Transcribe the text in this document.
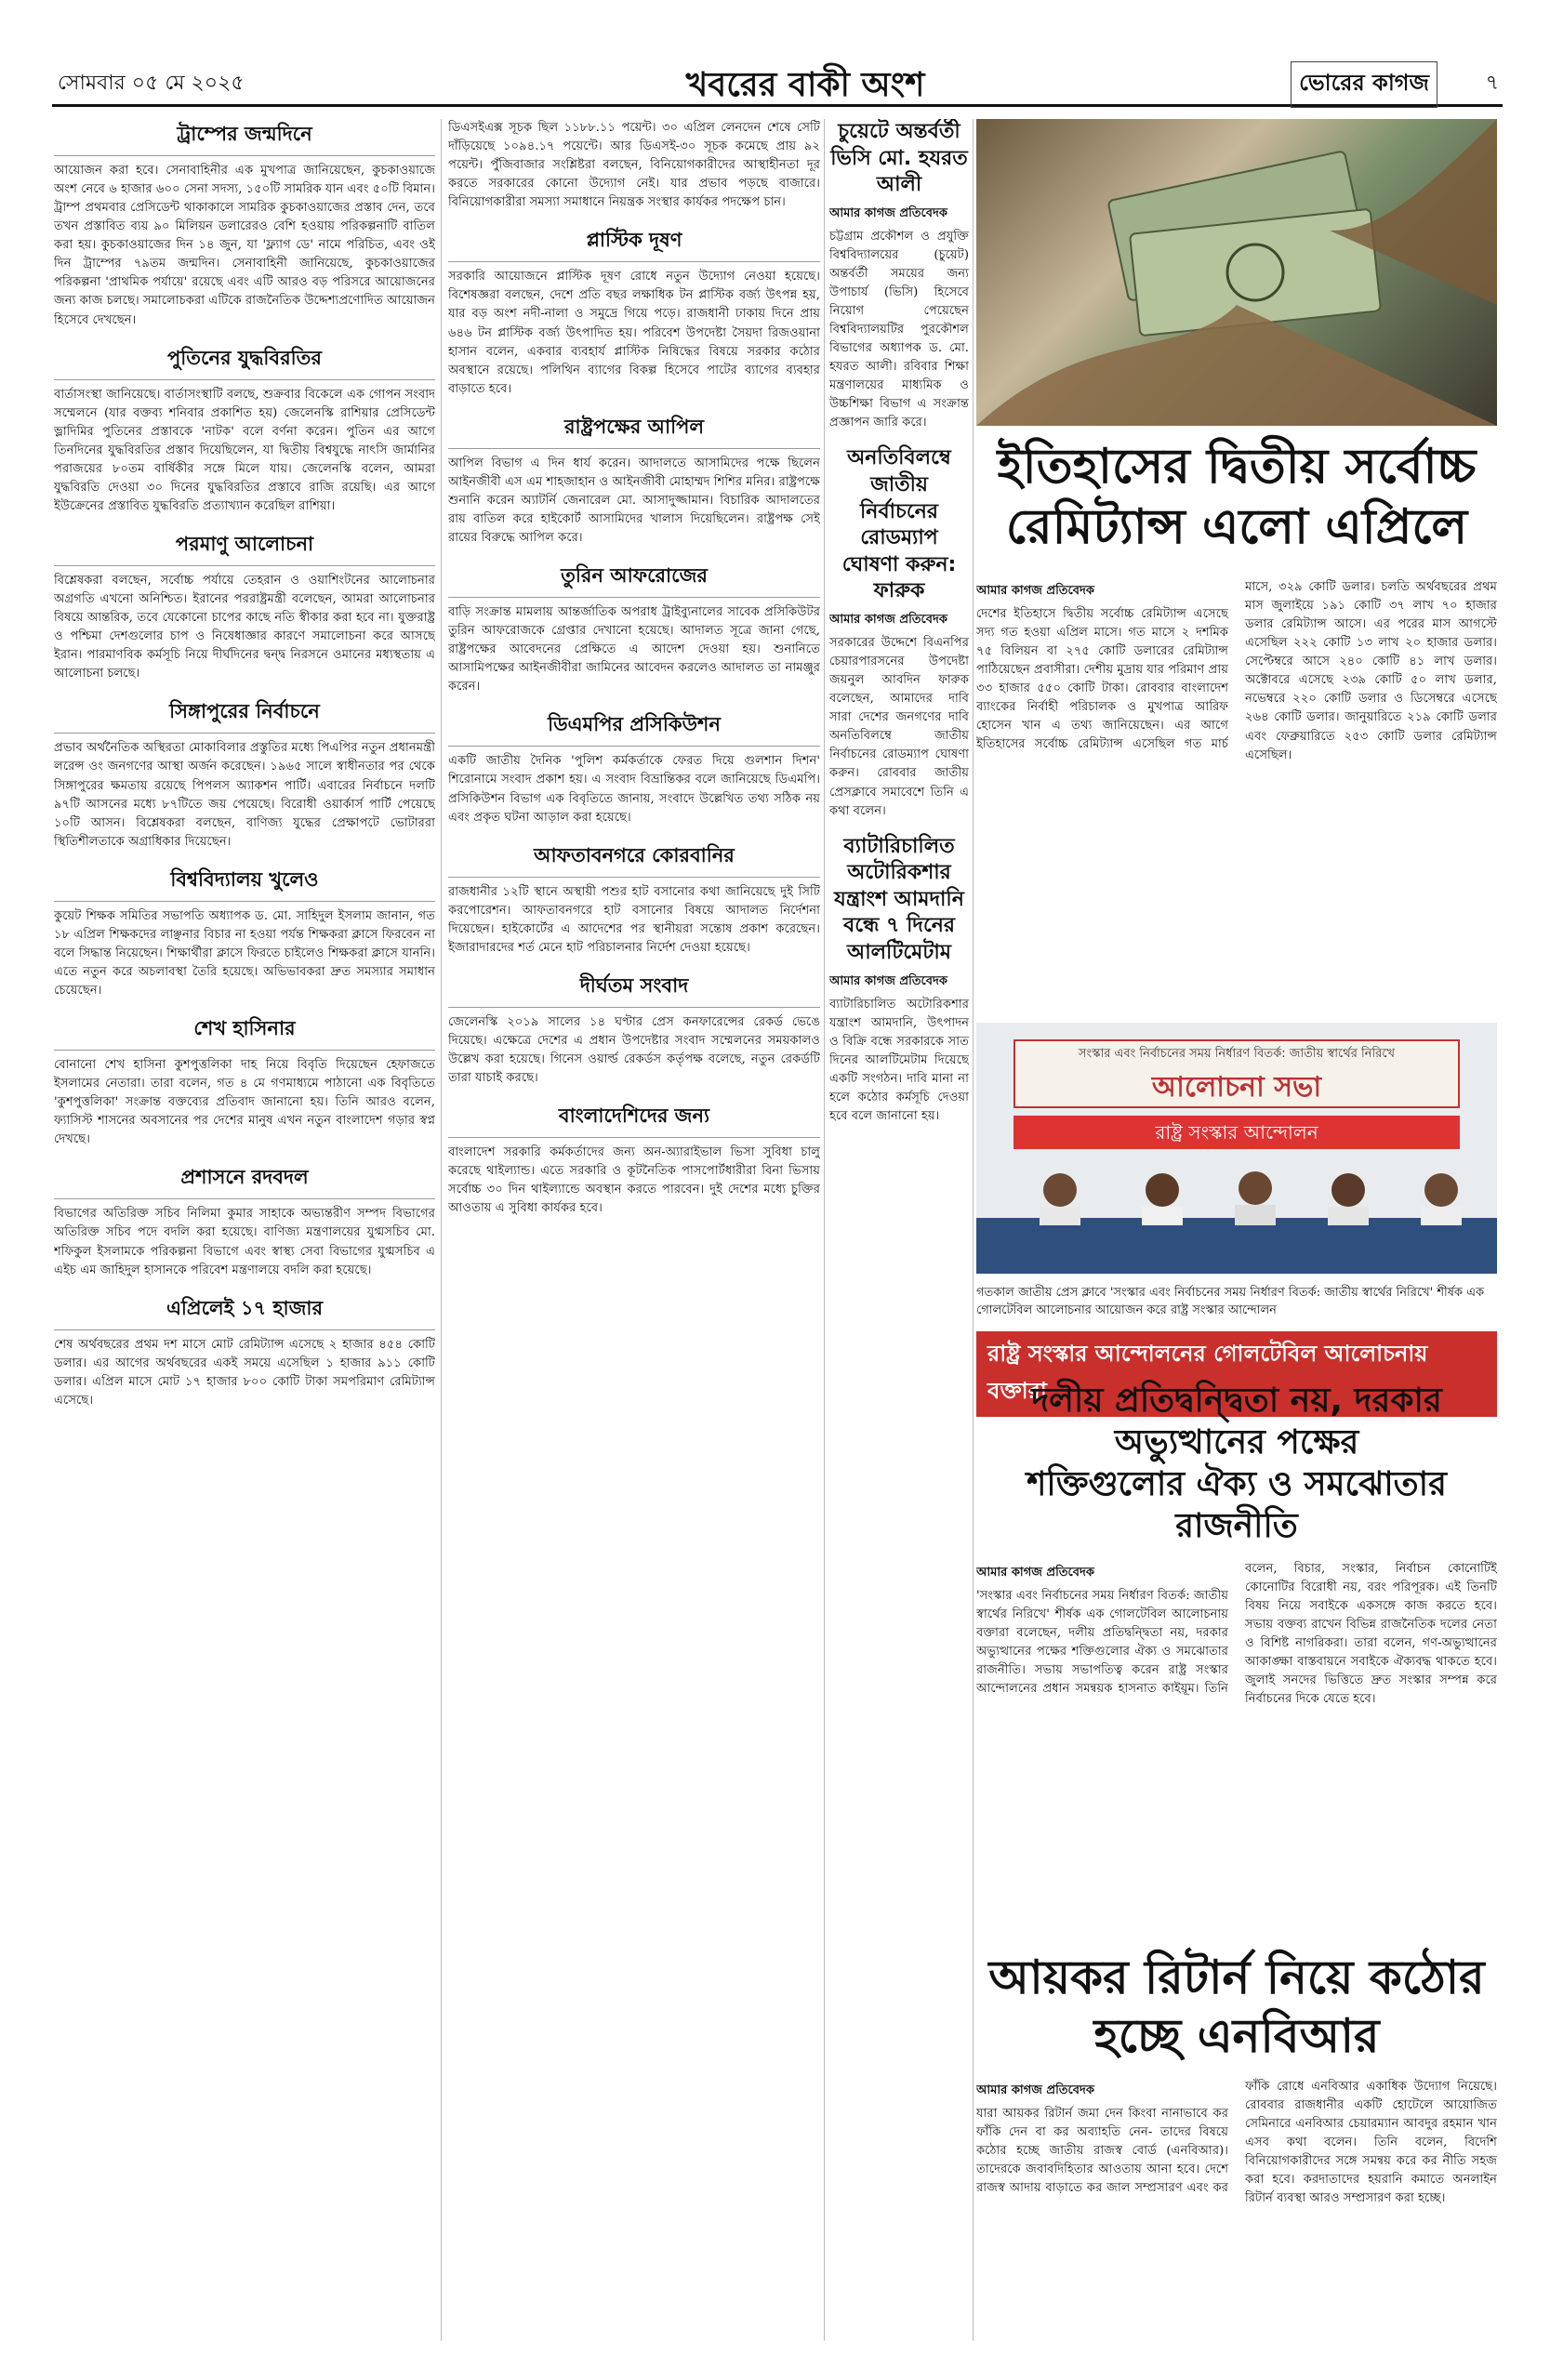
সোমবার ০৫ মে ২০২৫	খবরের বাকী অংশ	ভোরের কাগজ	৭
ট্রাম্পের জন্মদিনে

আয়োজন করা হবে। সেনাবাহিনীর এক মুখপাত্র জানিয়েছেন, কুচকাওয়াজে অংশ নেবে ৬ হাজার ৬০০ সেনা সদস্য, ১৫০টি সামরিক যান এবং ৫০টি বিমান। ট্রাম্প প্রথমবার প্রেসিডেন্ট থাকাকালে সামরিক কুচকাওয়াজের প্রস্তাব দেন, তবে তখন প্রস্তাবিত ব্যয় ৯০ মিলিয়ন ডলারেরও বেশি হওয়ায় পরিকল্পনাটি বাতিল করা হয়। কুচকাওয়াজের দিন ১৪ জুন, যা 'ফ্ল্যাগ ডে' নামে পরিচিত, এবং ওই দিন ট্রাম্পের ৭৯তম জন্মদিন। সেনাবাহিনী জানিয়েছে, কুচকাওয়াজের পরিকল্পনা 'প্রাথমিক পর্যায়ে' রয়েছে এবং এটি আরও বড় পরিসরে আয়োজনের জন্য কাজ চলছে। সমালোচকরা এটিকে রাজনৈতিক উদ্দেশ্যপ্রণোদিত আয়োজন হিসেবে দেখছেন।

পুতিনের যুদ্ধবিরতির

বার্তাসংস্থা জানিয়েছে। বার্তাসংস্থাটি বলছে, শুক্রবার বিকেলে এক গোপন সংবাদ সম্মেলনে (যার বক্তব্য শনিবার প্রকাশিত হয়) জেলেনস্কি রাশিয়ার প্রেসিডেন্ট ভ্লাদিমির পুতিনের প্রস্তাবকে 'নাটক' বলে বর্ণনা করেন। পুতিন এর আগে তিনদিনের যুদ্ধবিরতির প্রস্তাব দিয়েছিলেন, যা দ্বিতীয় বিশ্বযুদ্ধে নাৎসি জার্মানির পরাজয়ের ৮০তম বার্ষিকীর সঙ্গে মিলে যায়। জেলেনস্কি বলেন, আমরা যুদ্ধবিরতি দেওয়া ৩০ দিনের যুদ্ধবিরতির প্রস্তাবে রাজি রয়েছি। এর আগে ইউক্রেনের প্রস্তাবিত যুদ্ধবিরতি প্রত্যাখ্যান করেছিল রাশিয়া।

পরমাণু আলোচনা

বিশ্লেষকরা বলছেন, সর্বোচ্চ পর্যায়ে তেহরান ও ওয়াশিংটনের আলোচনার অগ্রগতি এখনো অনিশ্চিত। ইরানের পররাষ্ট্রমন্ত্রী বলেছেন, আমরা আলোচনার বিষয়ে আন্তরিক, তবে যেকোনো চাপের কাছে নতি স্বীকার করা হবে না। যুক্তরাষ্ট্র ও পশ্চিমা দেশগুলোর চাপ ও নিষেধাজ্ঞার কারণে সমালোচনা করে আসছে ইরান। পারমাণবিক কর্মসূচি নিয়ে দীর্ঘদিনের দ্বন্দ্ব নিরসনে ওমানের মধ্যস্থতায় এ আলোচনা চলছে।

সিঙ্গাপুরের নির্বাচনে

প্রভাব অর্থনৈতিক অস্থিরতা মোকাবিলার প্রস্তুতির মধ্যে পিএপির নতুন প্রধানমন্ত্রী লরেন্স ওং জনগণের আস্থা অর্জন করেছেন। ১৯৬৫ সালে স্বাধীনতার পর থেকে সিঙ্গাপুরের ক্ষমতায় রয়েছে পিপলস অ্যাকশন পার্টি। এবারের নির্বাচনে দলটি ৯৭টি আসনের মধ্যে ৮৭টিতে জয় পেয়েছে। বিরোধী ওয়ার্কার্স পার্টি পেয়েছে ১০টি আসন। বিশ্লেষকরা বলছেন, বাণিজ্য যুদ্ধের প্রেক্ষাপটে ভোটাররা স্থিতিশীলতাকে অগ্রাধিকার দিয়েছেন।

বিশ্ববিদ্যালয় খুলেও

কুয়েট শিক্ষক সমিতির সভাপতি অধ্যাপক ড. মো. সাহিদুল ইসলাম জানান, গত ১৮ এপ্রিল শিক্ষকদের লাঞ্ছনার বিচার না হওয়া পর্যন্ত শিক্ষকরা ক্লাসে ফিরবেন না বলে সিদ্ধান্ত নিয়েছেন। শিক্ষার্থীরা ক্লাসে ফিরতে চাইলেও শিক্ষকরা ক্লাসে যাননি। এতে নতুন করে অচলাবস্থা তৈরি হয়েছে। অভিভাবকরা দ্রুত সমস্যার সমাধান চেয়েছেন।

শেখ হাসিনার

বোনানো শেখ হাসিনা কুশপুত্তলিকা দাহ নিয়ে বিবৃতি দিয়েছেন হেফাজতে ইসলামের নেতারা। তারা বলেন, গত ৪ মে গণমাধ্যমে পাঠানো এক বিবৃতিতে 'কুশপুত্তলিকা' সংক্রান্ত বক্তব্যের প্রতিবাদ জানানো হয়। তিনি আরও বলেন, ফ্যাসিস্ট শাসনের অবসানের পর দেশের মানুষ এখন নতুন বাংলাদেশ গড়ার স্বপ্ন দেখছে।

প্রশাসনে রদবদল

বিভাগের অতিরিক্ত সচিব নিলিমা কুমার সাহাকে অভ্যন্তরীণ সম্পদ বিভাগের অতিরিক্ত সচিব পদে বদলি করা হয়েছে। বাণিজ্য মন্ত্রণালয়ের যুগ্মসচিব মো. শফিকুল ইসলামকে পরিকল্পনা বিভাগে এবং স্বাস্থ্য সেবা বিভাগের যুগ্মসচিব এ এইচ এম জাহিদুল হাসানকে পরিবেশ মন্ত্রণালয়ে বদলি করা হয়েছে।

এপ্রিলেই ১৭ হাজার

শেষ অর্থবছরের প্রথম দশ মাসে মোট রেমিট্যান্স এসেছে ২ হাজার ৪৫৪ কোটি ডলার। এর আগের অর্থবছরের একই সময়ে এসেছিল ১ হাজার ৯১১ কোটি ডলার। এপ্রিল মাসে মোট ১৭ হাজার ৮০০ কোটি টাকা সমপরিমাণ রেমিট্যান্স এসেছে।

ডিএসইএক্স সূচক ছিল ১১৮৮.১১ পয়েন্ট। ৩০ এপ্রিল লেনদেন শেষে সেটি দাঁড়িয়েছে ১০৯৪.১৭ পয়েন্টে। আর ডিএসই-৩০ সূচক কমেছে প্রায় ৯২ পয়েন্ট। পুঁজিবাজার সংশ্লিষ্টরা বলছেন, বিনিয়োগকারীদের আস্থাহীনতা দূর করতে সরকারের কোনো উদ্যোগ নেই। যার প্রভাব পড়ছে বাজারে। বিনিয়োগকারীরা সমস্যা সমাধানে নিয়ন্ত্রক সংস্থার কার্যকর পদক্ষেপ চান।

প্লাস্টিক দূষণ

সরকারি আয়োজনে প্লাস্টিক দূষণ রোধে নতুন উদ্যোগ নেওয়া হয়েছে। বিশেষজ্ঞরা বলছেন, দেশে প্রতি বছর লক্ষাধিক টন প্লাস্টিক বর্জ্য উৎপন্ন হয়, যার বড় অংশ নদী-নালা ও সমুদ্রে গিয়ে পড়ে। রাজধানী ঢাকায় দিনে প্রায় ৬৪৬ টন প্লাস্টিক বর্জ্য উৎপাদিত হয়। পরিবেশ উপদেষ্টা সৈয়দা রিজওয়ানা হাসান বলেন, একবার ব্যবহার্য প্লাস্টিক নিষিদ্ধের বিষয়ে সরকার কঠোর অবস্থানে রয়েছে। পলিথিন ব্যাগের বিকল্প হিসেবে পাটের ব্যাগের ব্যবহার বাড়াতে হবে।

রাষ্ট্রপক্ষের আপিল

আপিল বিভাগ এ দিন ধার্য করেন। আদালতে আসামিদের পক্ষে ছিলেন আইনজীবী এস এম শাহজাহান ও আইনজীবী মোহাম্মদ শিশির মনির। রাষ্ট্রপক্ষে শুনানি করেন অ্যাটর্নি জেনারেল মো. আসাদুজ্জামান। বিচারিক আদালতের রায় বাতিল করে হাইকোর্ট আসামিদের খালাস দিয়েছিলেন। রাষ্ট্রপক্ষ সেই রায়ের বিরুদ্ধে আপিল করে।

তুরিন আফরোজের

বাড়ি সংক্রান্ত মামলায় আন্তর্জাতিক অপরাধ ট্রাইব্যুনালের সাবেক প্রসিকিউটর তুরিন আফরোজকে গ্রেপ্তার দেখানো হয়েছে। আদালত সূত্রে জানা গেছে, রাষ্ট্রপক্ষের আবেদনের প্রেক্ষিতে এ আদেশ দেওয়া হয়। শুনানিতে আসামিপক্ষের আইনজীবীরা জামিনের আবেদন করলেও আদালত তা নামঞ্জুর করেন।

ডিএমপির প্রসিকিউশন

একটি জাতীয় দৈনিক 'পুলিশ কর্মকর্তাকে ফেরত দিয়ে গুলশান দিশন' শিরোনামে সংবাদ প্রকাশ হয়। এ সংবাদ বিভ্রান্তিকর বলে জানিয়েছে ডিএমপি। প্রসিকিউশন বিভাগ এক বিবৃতিতে জানায়, সংবাদে উল্লেখিত তথ্য সঠিক নয় এবং প্রকৃত ঘটনা আড়াল করা হয়েছে।

আফতাবনগরে কোরবানির

রাজধানীর ১২টি স্থানে অস্থায়ী পশুর হাট বসানোর কথা জানিয়েছে দুই সিটি করপোরেশন। আফতাবনগরে হাট বসানোর বিষয়ে আদালত নির্দেশনা দিয়েছেন। হাইকোর্টের এ আদেশের পর স্থানীয়রা সন্তোষ প্রকাশ করেছেন। ইজারাদারদের শর্ত মেনে হাট পরিচালনার নির্দেশ দেওয়া হয়েছে।

দীর্ঘতম সংবাদ

জেলেনস্কি ২০১৯ সালের ১৪ ঘণ্টার প্রেস কনফারেন্সের রেকর্ড ভেঙে দিয়েছে। এক্ষেত্রে দেশের এ প্রধান উপদেষ্টার সংবাদ সম্মেলনের সময়কালও উল্লেখ করা হয়েছে। গিনেস ওয়ার্ল্ড রেকর্ডস কর্তৃপক্ষ বলেছে, নতুন রেকর্ডটি তারা যাচাই করছে।

বাংলাদেশিদের জন্য

বাংলাদেশ সরকারি কর্মকর্তাদের জন্য অন-অ্যারাইভাল ভিসা সুবিধা চালু করেছে থাইল্যান্ড। এতে সরকারি ও কূটনৈতিক পাসপোর্টধারীরা বিনা ভিসায় সর্বোচ্চ ৩০ দিন থাইল্যান্ডে অবস্থান করতে পারবেন। দুই দেশের মধ্যে চুক্তির আওতায় এ সুবিধা কার্যকর হবে।

চুয়েটে অন্তর্বর্তী ভিসি মো. হযরত আলী

আমার কাগজ প্রতিবেদক

চট্টগ্রাম প্রকৌশল ও প্রযুক্তি বিশ্ববিদ্যালয়ের (চুয়েট) অন্তর্বর্তী সময়ের জন্য উপাচার্য (ভিসি) হিসেবে নিয়োগ পেয়েছেন বিশ্ববিদ্যালয়টির পুরকৌশল বিভাগের অধ্যাপক ড. মো. হযরত আলী। রবিবার শিক্ষা মন্ত্রণালয়ের মাধ্যমিক ও উচ্চশিক্ষা বিভাগ এ সংক্রান্ত প্রজ্ঞাপন জারি করে।

অনতিবিলম্বে জাতীয় নির্বাচনের রোডম্যাপ ঘোষণা করুন: ফারুক

আমার কাগজ প্রতিবেদক

সরকারের উদ্দেশে বিএনপির চেয়ারপারসনের উপদেষ্টা জয়নুল আবদিন ফারুক বলেছেন, আমাদের দাবি সারা দেশের জনগণের দাবি অনতিবিলম্বে জাতীয় নির্বাচনের রোডম্যাপ ঘোষণা করুন। রোববার জাতীয় প্রেসক্লাবে সমাবেশে তিনি এ কথা বলেন।

ব্যাটারিচালিত অটোরিকশার যন্ত্রাংশ আমদানি বন্ধে ৭ দিনের আলটিমেটাম

আমার কাগজ প্রতিবেদক

ব্যাটারিচালিত অটোরিকশার যন্ত্রাংশ আমদানি, উৎপাদন ও বিক্রি বন্ধে সরকারকে সাত দিনের আলটিমেটাম দিয়েছে একটি সংগঠন। দাবি মানা না হলে কঠোর কর্মসূচি দেওয়া হবে বলে জানানো হয়।

ইতিহাসের দ্বিতীয় সর্বোচ্চ

রেমিট্যান্স এলো এপ্রিলে

আমার কাগজ প্রতিবেদক

দেশের ইতিহাসে দ্বিতীয় সর্বোচ্চ রেমিট্যান্স এসেছে সদ্য গত হওয়া এপ্রিল মাসে। গত মাসে ২ দশমিক ৭৫ বিলিয়ন বা ২৭৫ কোটি ডলারের রেমিট্যান্স পাঠিয়েছেন প্রবাসীরা। দেশীয় মুদ্রায় যার পরিমাণ প্রায় ৩৩ হাজার ৫৫০ কোটি টাকা। রোববার বাংলাদেশ ব্যাংকের নির্বাহী পরিচালক ও মুখপাত্র আরিফ হোসেন খান এ তথ্য জানিয়েছেন। এর আগে ইতিহাসের সর্বোচ্চ রেমিট্যান্স এসেছিল গত মার্চ মাসে, ৩২৯ কোটি ডলার। চলতি অর্থবছরের প্রথম মাস জুলাইয়ে ১৯১ কোটি ৩৭ লাখ ৭০ হাজার ডলার রেমিট্যান্স আসে। এর পরের মাস আগস্টে এসেছিল ২২২ কোটি ১৩ লাখ ২০ হাজার ডলার। সেপ্টেম্বরে আসে ২৪০ কোটি ৪১ লাখ ডলার। অক্টোবরে এসেছে ২৩৯ কোটি ৫০ লাখ ডলার, নভেম্বরে ২২০ কোটি ডলার ও ডিসেম্বরে এসেছে ২৬৪ কোটি ডলার। জানুয়ারিতে ২১৯ কোটি ডলার এবং ফেব্রুয়ারিতে ২৫৩ কোটি ডলার রেমিট্যান্স এসেছিল।

সংস্কার এবং নির্বাচনের সময় নির্ধারণ বিতর্ক: জাতীয় স্বার্থের নিরিখে
আলোচনা সভা
রাষ্ট্র সংস্কার আন্দোলন

গতকাল জাতীয় প্রেস ক্লাবে 'সংস্কার এবং নির্বাচনের সময় নির্ধারণ বিতর্ক: জাতীয় স্বার্থের নিরিখে' শীর্ষক এক গোলটেবিল আলোচনার আয়োজন করে রাষ্ট্র সংস্কার আন্দোলন

রাষ্ট্র সংস্কার আন্দোলনের গোলটেবিল আলোচনায় বক্তারা

দলীয় প্রতিদ্বন্দ্বিতা নয়, দরকার অভ্যুত্থানের পক্ষের

শক্তিগুলোর ঐক্য ও সমঝোতার রাজনীতি

আমার কাগজ প্রতিবেদক

'সংস্কার এবং নির্বাচনের সময় নির্ধারণ বিতর্ক: জাতীয় স্বার্থের নিরিখে' শীর্ষক এক গোলটেবিল আলোচনায় বক্তারা বলেছেন, দলীয় প্রতিদ্বন্দ্বিতা নয়, দরকার অভ্যুত্থানের পক্ষের শক্তিগুলোর ঐক্য ও সমঝোতার রাজনীতি। সভায় সভাপতিত্ব করেন রাষ্ট্র সংস্কার আন্দোলনের প্রধান সমন্বয়ক হাসনাত কাইয়ূম। তিনি বলেন, বিচার, সংস্কার, নির্বাচন কোনোটিই কোনোটির বিরোধী নয়, বরং পরিপূরক। এই তিনটি বিষয় নিয়ে সবাইকে একসঙ্গে কাজ করতে হবে। সভায় বক্তব্য রাখেন বিভিন্ন রাজনৈতিক দলের নেতা ও বিশিষ্ট নাগরিকরা। তারা বলেন, গণ-অভ্যুত্থানের আকাঙ্ক্ষা বাস্তবায়নে সবাইকে ঐক্যবদ্ধ থাকতে হবে। জুলাই সনদের ভিত্তিতে দ্রুত সংস্কার সম্পন্ন করে নির্বাচনের দিকে যেতে হবে।

আয়কর রিটার্ন নিয়ে কঠোর

হচ্ছে এনবিআর

আমার কাগজ প্রতিবেদক

যারা আয়কর রিটার্ন জমা দেন কিংবা নানাভাবে কর ফাঁকি দেন বা কর অব্যাহতি নেন- তাদের বিষয়ে কঠোর হচ্ছে জাতীয় রাজস্ব বোর্ড (এনবিআর)। তাদেরকে জবাবদিহিতার আওতায় আনা হবে। দেশে রাজস্ব আদায় বাড়াতে কর জাল সম্প্রসারণ এবং কর ফাঁকি রোধে এনবিআর একাধিক উদ্যোগ নিয়েছে। রোববার রাজধানীর একটি হোটেলে আয়োজিত সেমিনারে এনবিআর চেয়ারম্যান আবদুর রহমান খান এসব কথা বলেন। তিনি বলেন, বিদেশি বিনিয়োগকারীদের সঙ্গে সমন্বয় করে কর নীতি সহজ করা হবে। করদাতাদের হয়রানি কমাতে অনলাইন রিটার্ন ব্যবস্থা আরও সম্প্রসারণ করা হচ্ছে।
